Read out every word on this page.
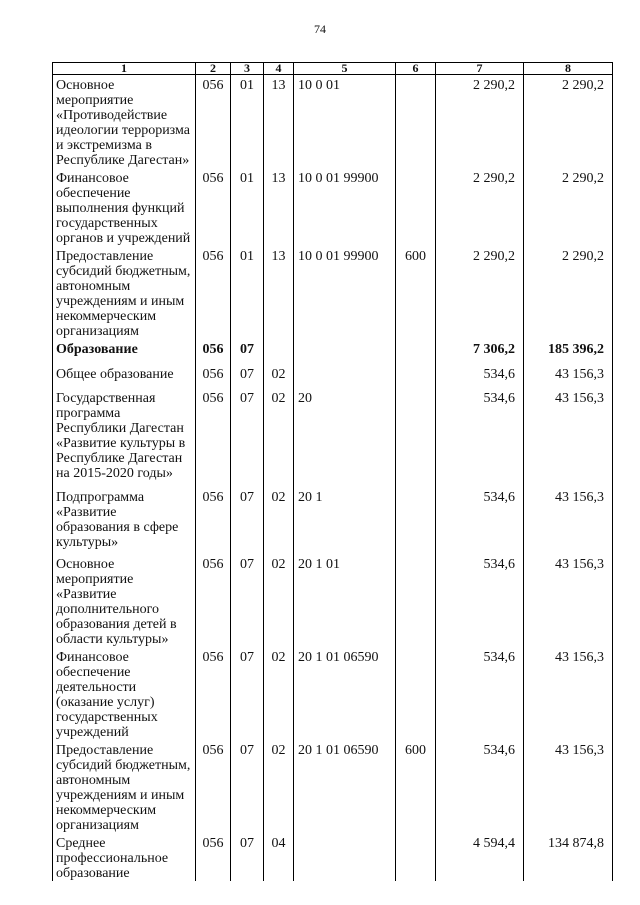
74
1	2	3	4	5	6	7	8
Основное мероприятие «Противодействие идеологии терроризма и экстремизма в Республике Дагестан»	056	01	13	10 0 01		2 290,2	2 290,2
Финансовое обеспечение выполнения функций государственных органов и учреждений	056	01	13	10 0 01 99900		2 290,2	2 290,2
Предоставление субсидий бюджетным, автономным учреждениям и иным некоммерческим организациям	056	01	13	10 0 01 99900	600	2 290,2	2 290,2
Образование	056	07				7 306,2	185 396,2
Общее образование	056	07	02			534,6	43 156,3
Государственная программа Республики Дагестан «Развитие культуры в Республике Дагестан на 2015-2020 годы»	056	07	02	20		534,6	43 156,3
Подпрограмма «Развитие образования в сфере культуры»	056	07	02	20 1		534,6	43 156,3
Основное мероприятие «Развитие дополнительного образования детей в области культуры»	056	07	02	20 1 01		534,6	43 156,3
Финансовое обеспечение деятельности (оказание услуг) государственных учреждений	056	07	02	20 1 01 06590		534,6	43 156,3
Предоставление субсидий бюджетным, автономным учреждениям и иным некоммерческим организациям	056	07	02	20 1 01 06590	600	534,6	43 156,3
Среднее профессиональное образование	056	07	04			4 594,4	134 874,8
